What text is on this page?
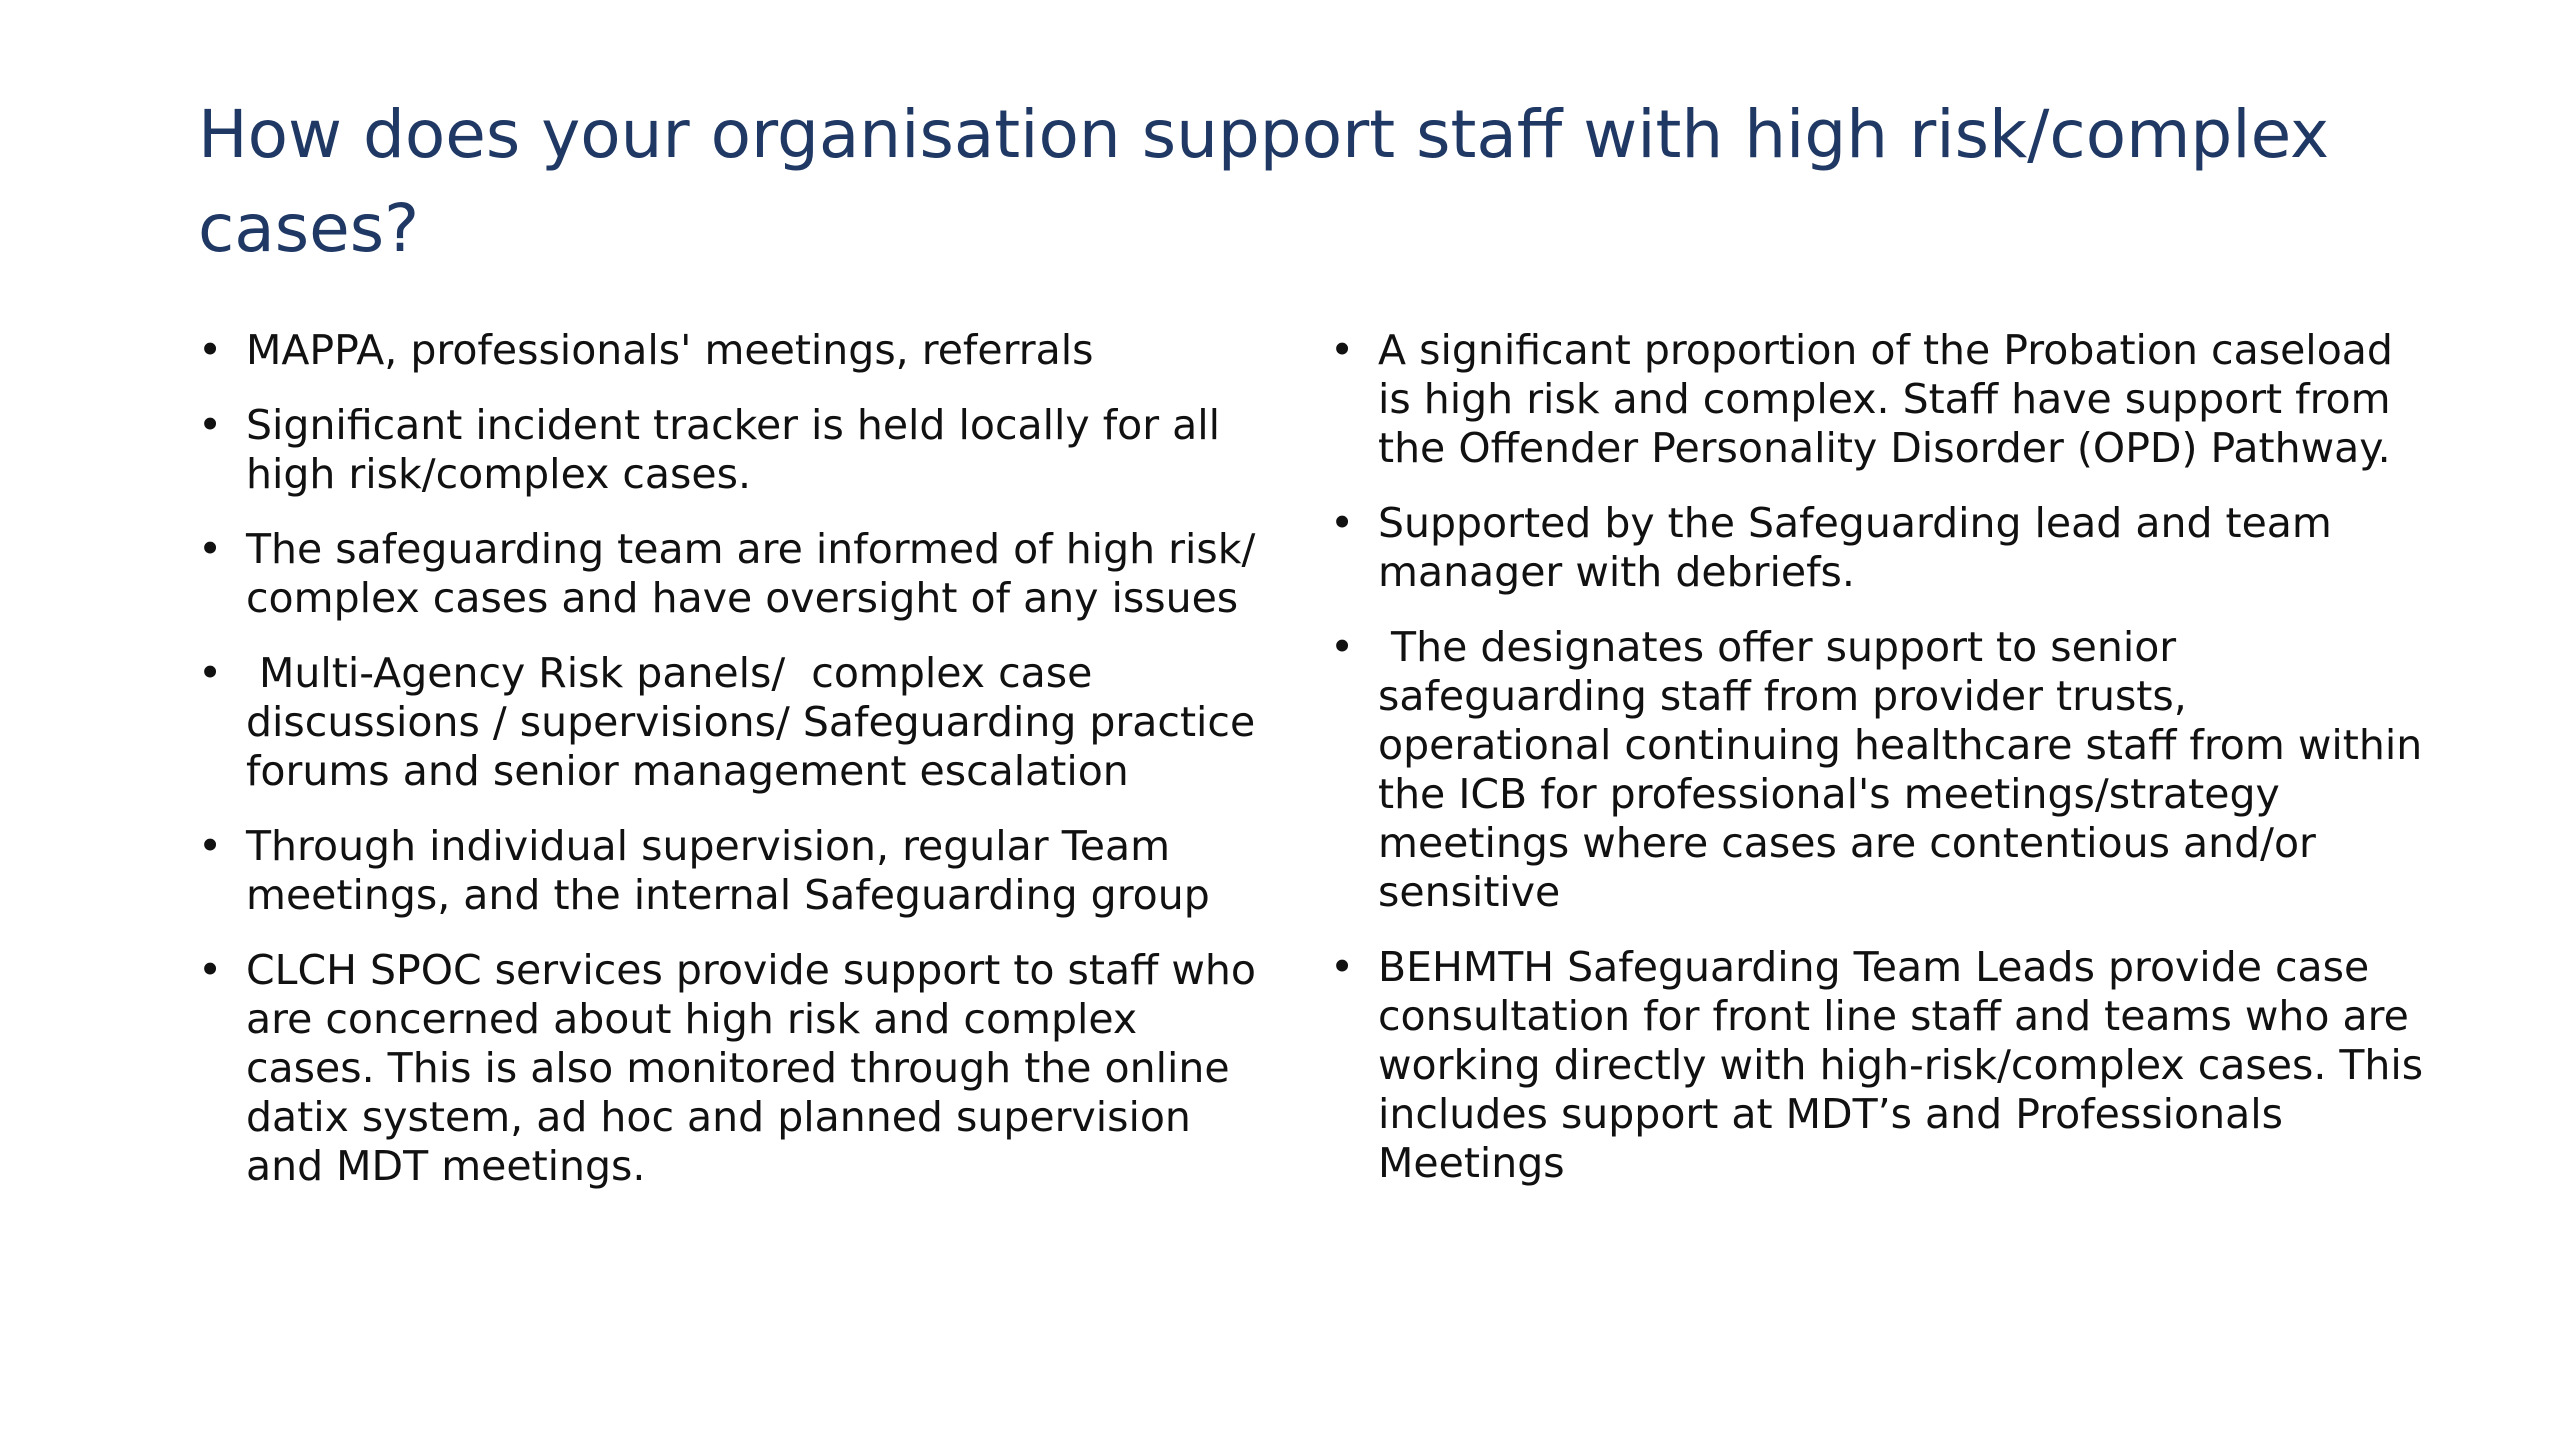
How does your organisation support staff with high risk/complex cases?
• MAPPA, professionals' meetings, referrals
• Significant incident tracker is held locally for all high risk/complex cases.
• The safeguarding team are informed of high risk/ complex cases and have oversight of any issues
• Multi-Agency Risk panels/  complex case discussions / supervisions/ Safeguarding practice forums and senior management escalation
• Through individual supervision, regular Team meetings, and the internal Safeguarding group
• CLCH SPOC services provide support to staff who are concerned about high risk and complex cases. This is also monitored through the online datix system, ad hoc and planned supervision and MDT meetings.
• A significant proportion of the Probation caseload is high risk and complex. Staff have support from the Offender Personality Disorder (OPD) Pathway.
• Supported by the Safeguarding lead and team manager with debriefs.
• The designates offer support to senior safeguarding staff from provider trusts, operational continuing healthcare staff from within the ICB for professional's meetings/strategy meetings where cases are contentious and/or sensitive
• BEHMTH Safeguarding Team Leads provide case consultation for front line staff and teams who are working directly with high-risk/complex cases. This includes support at MDT’s and Professionals Meetings
